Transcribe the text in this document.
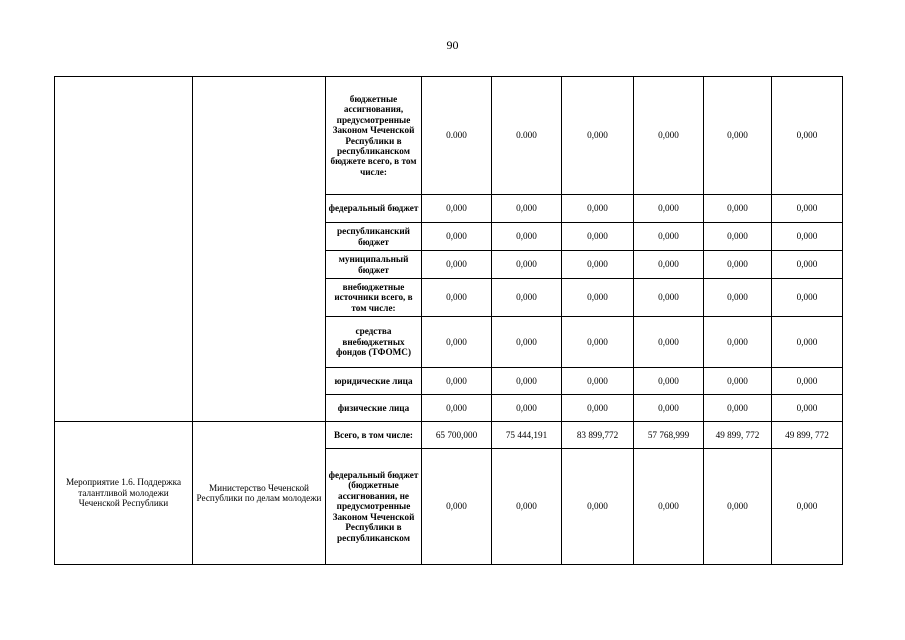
90
		бюджетные ассигнования, предусмотренные Законом Чеченской Республики в республиканском бюджете всего, в том числе:	0.000	0.000	0,000	0,000	0,000	0,000
		федеральный бюджет	0,000	0,000	0,000	0,000	0,000	0,000
		республиканский бюджет	0,000	0,000	0,000	0,000	0,000	0,000
		муниципальный бюджет	0,000	0,000	0,000	0,000	0,000	0,000
		внебюджетные источники всего, в том числе:	0,000	0,000	0,000	0,000	0,000	0,000
		средства внебюджетных фондов (ТФОМС)	0,000	0,000	0,000	0,000	0,000	0,000
		юридические лица	0,000	0,000	0,000	0,000	0,000	0,000
		физические лица	0,000	0,000	0,000	0,000	0,000	0,000
Мероприятие 1.6. Поддержка талантливой молодежи Чеченской Республики	Министерство Чеченской Республики по делам молодежи	Всего, в том числе:	65 700,000	75 444,191	83 899,772	57 768,999	49 899, 772	49 899, 772
		федеральный бюджет (бюджетные ассигнования, не предусмотренные Законом Чеченской Республики в республиканском	0,000	0,000	0,000	0,000	0,000	0,000
